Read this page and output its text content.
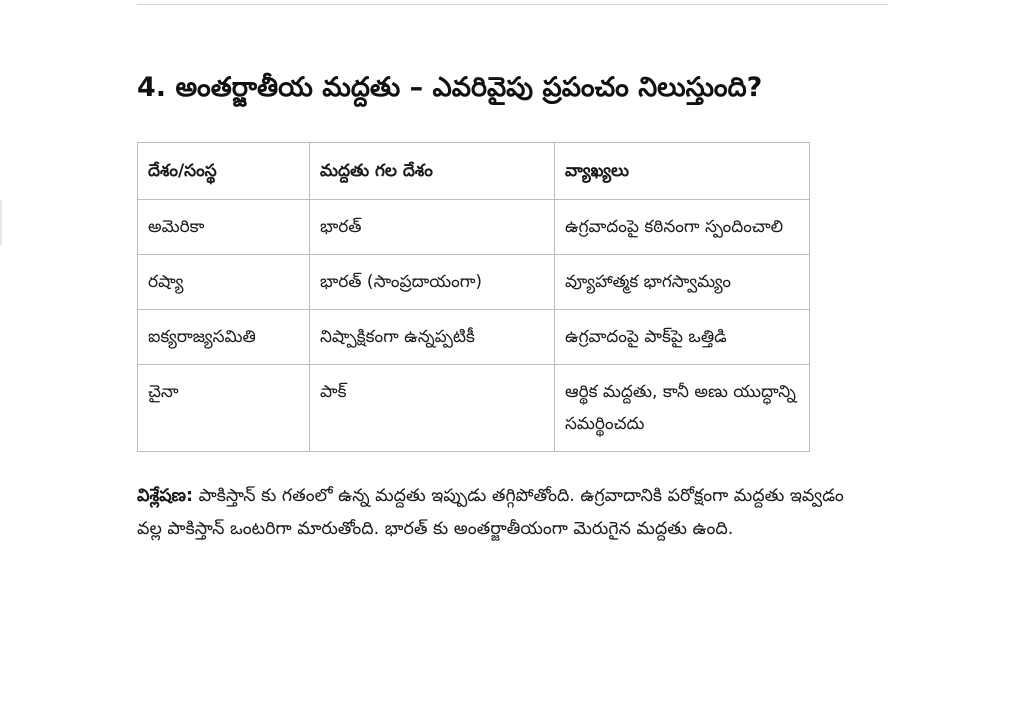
4. అంతర్జాతీయ మద్దతు – ఎవరివైపు ప్రపంచం నిలుస్తుంది?
దేశం/సంస్థ	మద్దతు గల దేశం	వ్యాఖ్యలు
అమెరికా	భారత్	ఉగ్రవాదంపై కఠినంగా స్పందించాలి
రష్యా	భారత్ (సాంప్రదాయంగా)	వ్యూహాత్మక భాగస్వామ్యం
ఐక్యరాజ్యసమితి	నిష్పాక్షికంగా ఉన్నప్పటికీ	ఉగ్రవాదంపై పాక్‌పై ఒత్తిడి
చైనా	పాక్	ఆర్థిక మద్దతు, కానీ అణు యుద్ధాన్ని సమర్థించదు

విశ్లేషణ: పాకిస్తాన్ కు గతంలో ఉన్న మద్దతు ఇప్పుడు తగ్గిపోతోంది. ఉగ్రవాదానికి పరోక్షంగా మద్దతు ఇవ్వడం వల్ల పాకిస్తాన్ ఒంటరిగా మారుతోంది. భారత్ కు అంతర్జాతీయంగా మెరుగైన మద్దతు ఉంది.
